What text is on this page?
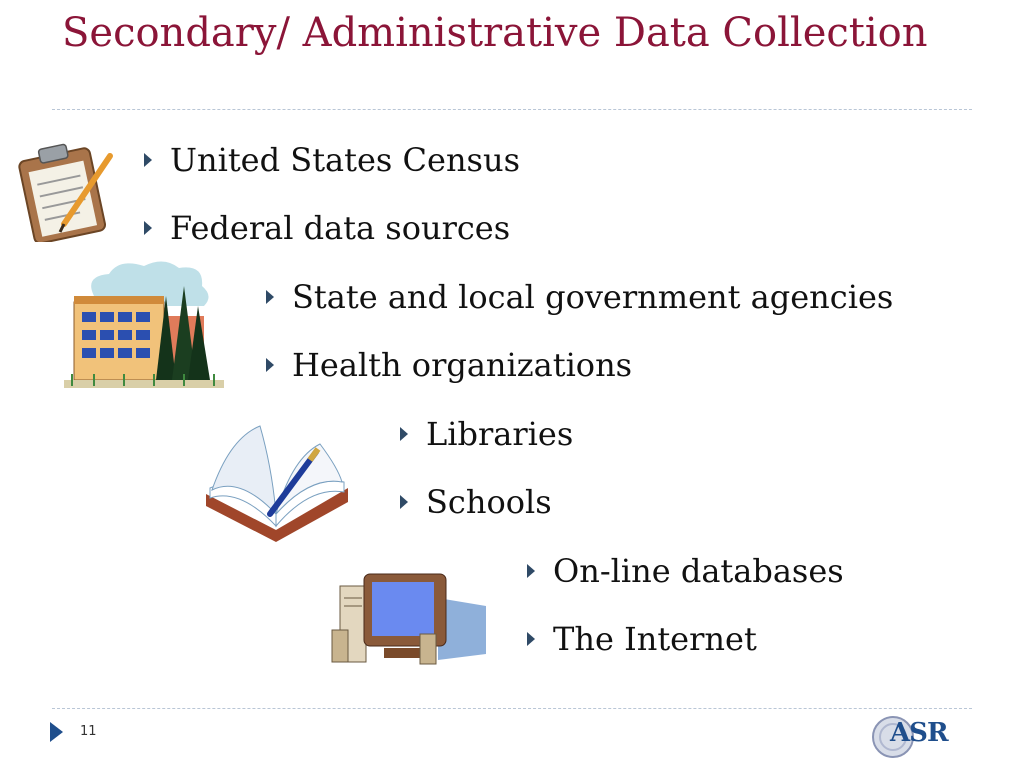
Secondary/ Administrative Data Collection
United States Census
Federal data sources
State and local government agencies
Health organizations
Libraries
Schools
On-line databases
The Internet
11	ASR
